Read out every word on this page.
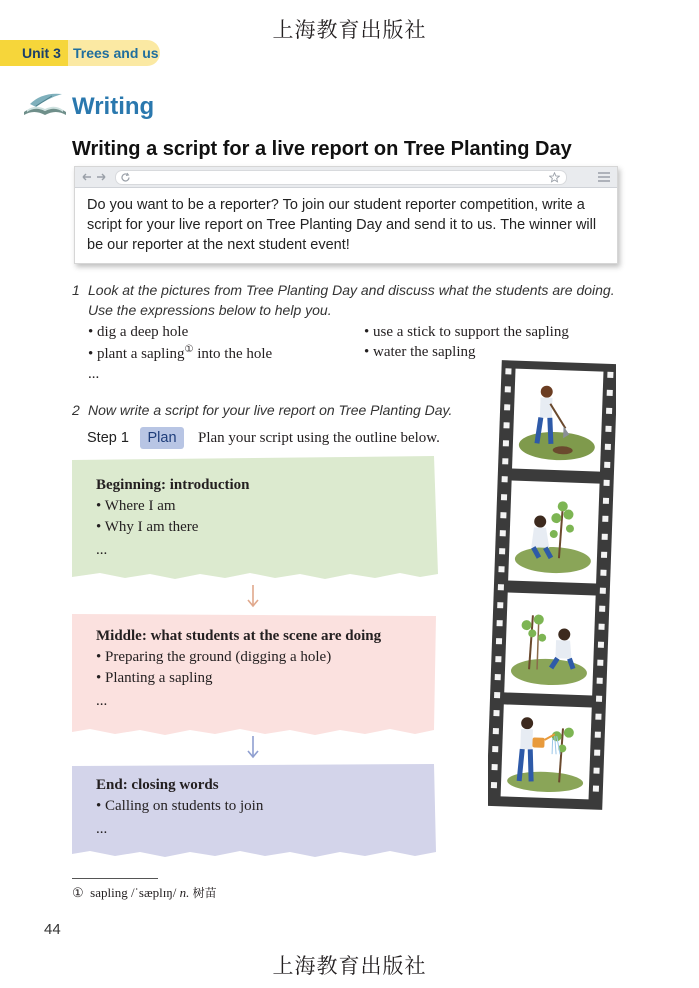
上海教育出版社
Unit 3 Trees and us
Writing
Writing a script for a live report on Tree Planting Day
Do you want to be a reporter? To join our student reporter competition, write a script for your live report on Tree Planting Day and send it to us. The winner will be our reporter at the next student event!
1 Look at the pictures from Tree Planting Day and discuss what the students are doing.
Use the expressions below to help you.
• dig a deep hole
• plant a sapling① into the hole
...
• use a stick to support the sapling
• water the sapling
2 Now write a script for your live report on Tree Planting Day.
Step 1	Plan	Plan your script using the outline below.
Beginning: introduction
• Where I am
• Why I am there
...
Middle: what students at the scene are doing
• Preparing the ground (digging a hole)
• Planting a sapling
...
End: closing words
• Calling on students to join
...
① sapling /ˈsæplɪŋ/ n. 树苗
44
上海教育出版社
